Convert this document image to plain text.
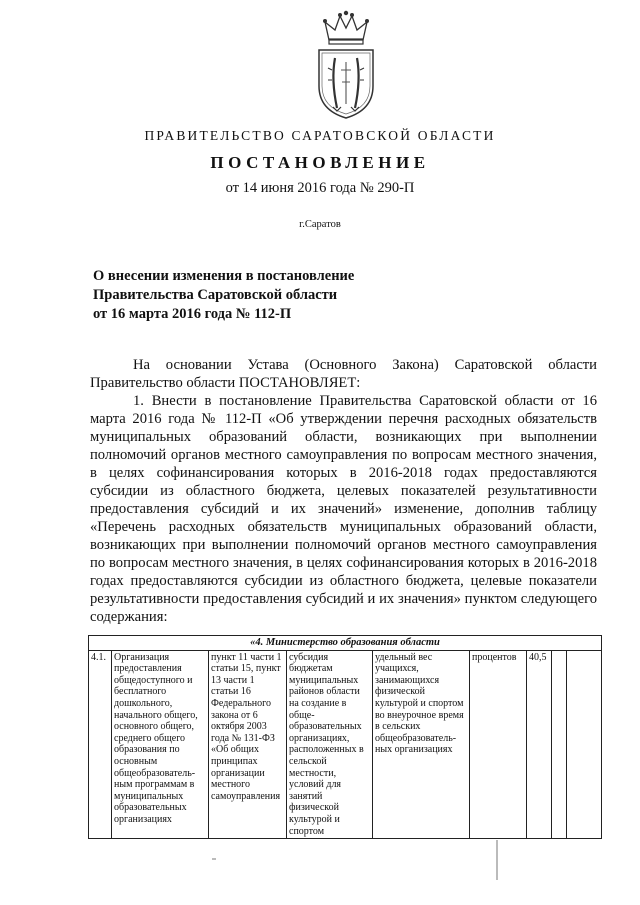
ПРАВИТЕЛЬСТВО САРАТОВСКОЙ ОБЛАСТИ
ПОСТАНОВЛЕНИЕ
от 14 июня 2016 года № 290-П
г.Саратов
О внесении изменения в постановление
Правительства Саратовской области
от 16 марта 2016 года № 112-П

На основании Устава (Основного Закона) Саратовской области Правительство области ПОСТАНОВЛЯЕТ:

1. Внести в постановление Правительства Саратовской области от 16 марта 2016 года № 112-П «Об утверждении перечня расходных обязательств муниципальных образований области, возникающих при выполнении полномочий органов местного самоуправления по вопросам местного значения, в целях софинансирования которых в 2016-2018 годах предоставляются субсидии из областного бюджета, целевых показателей результативности предоставления субсидий и их значений» изменение, дополнив таблицу «Перечень расходных обязательств муниципальных образований области, возникающих при выполнении полномочий органов местного самоуправления по вопросам местного значения, в целях софинансирования которых в 2016-2018 годах предоставляются субсидии из областного бюджета, целевые показатели результативности предоставления субсидий и их значения» пунктом следующего содержания:

«4. Министерство образования области
4.1.	Организация предоставления общедоступного и бесплатного дошкольного, начального общего, основного общего, среднего общего образования по основным общеобразовательным программам в муниципальных образовательных организациях	пункт 11 части 1 статьи 15, пункт 13 части 1 статьи 16 Федерального закона от 6 октября 2003 года № 131-ФЗ «Об общих принципах организации местного самоуправления	субсидия бюджетам муниципальных районов области на создание в общеобразовательных организациях, расположенных в сельской местности, условий для занятий физической культурой и спортом	удельный вес учащихся, занимающихся физической культурой и спортом во внеурочное время в сельских общеобразовательных организациях	процентов	40,5		
